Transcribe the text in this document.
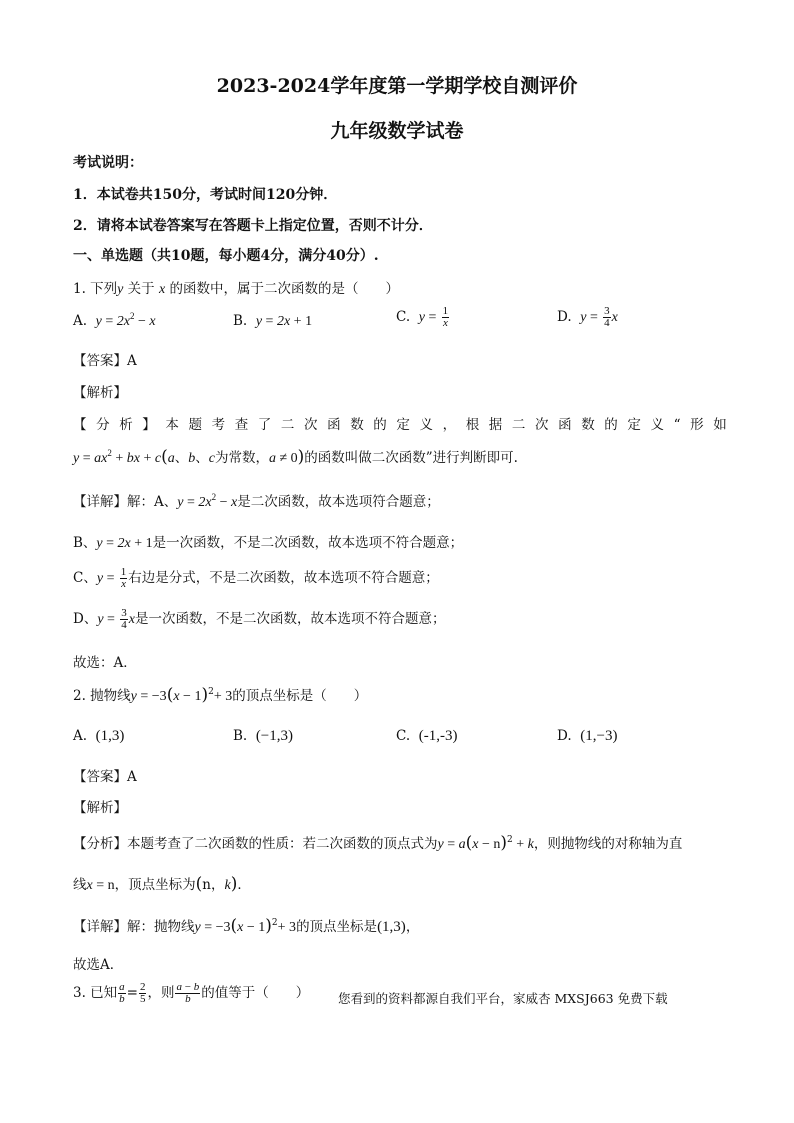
2023-2024学年度第一学期学校自测评价
九年级数学试卷
考试说明：
1．本试卷共150分，考试时间120分钟．
2．请将本试卷答案写在答题卡上指定位置，否则不计分．
一、单选题（共10题，每小题4分，满分40分）.
1. 下列y 关于 x 的函数中，属于二次函数的是（　　）
A. $y = 2x^2 - x$	B. y = 2x + 1	C. $y = \frac{1}{x}$	D. $y = \frac{3}{4}$ x
【答案】A
【解析】
【分析】本题考查了二次函数的定义，根据二次函数的定义“形如
$y = ax^2$ + bx + c(a、b、c为常数，a ≠ 0)的函数叫做二次函数”进行判断即可.
【详解】解：A、$y = 2x^2 - x$是二次函数，故本选项符合题意；
B、y = 2x + 1是一次函数，不是二次函数，故本选项不符合题意；
C、$y = \frac{1}{x}$ 右边是分式，不是二次函数，故本选项不符合题意；
D、$y = \frac{3}{4}$ x是一次函数，不是二次函数，故本选项不符合题意；
故选：A．
2. 抛物线$y = -3(x - 1)^2+ 3$的顶点坐标是（　　）
A. (1,3)	B. (−1,3)	C. (-1,-3)	D. (1,−3)
【答案】A
【解析】
【分析】本题考查了二次函数的性质：若二次函数的顶点式为$y = a(x - n)^2 + k$，则抛物线的对称轴为直
线x = n，顶点坐标为(n，k)．
【详解】解：抛物线$y = -3(x - 1)^2+ 3$的顶点坐标是(1,3)，
故选A．
3. 已知 $\frac{a}{b} = \frac{2}{5}$ ，则 $\frac{a - b}{b}$ 的值等于（　　） 您看到的资料都源自我们平台，家威杏 MXSJ663 免费下载
